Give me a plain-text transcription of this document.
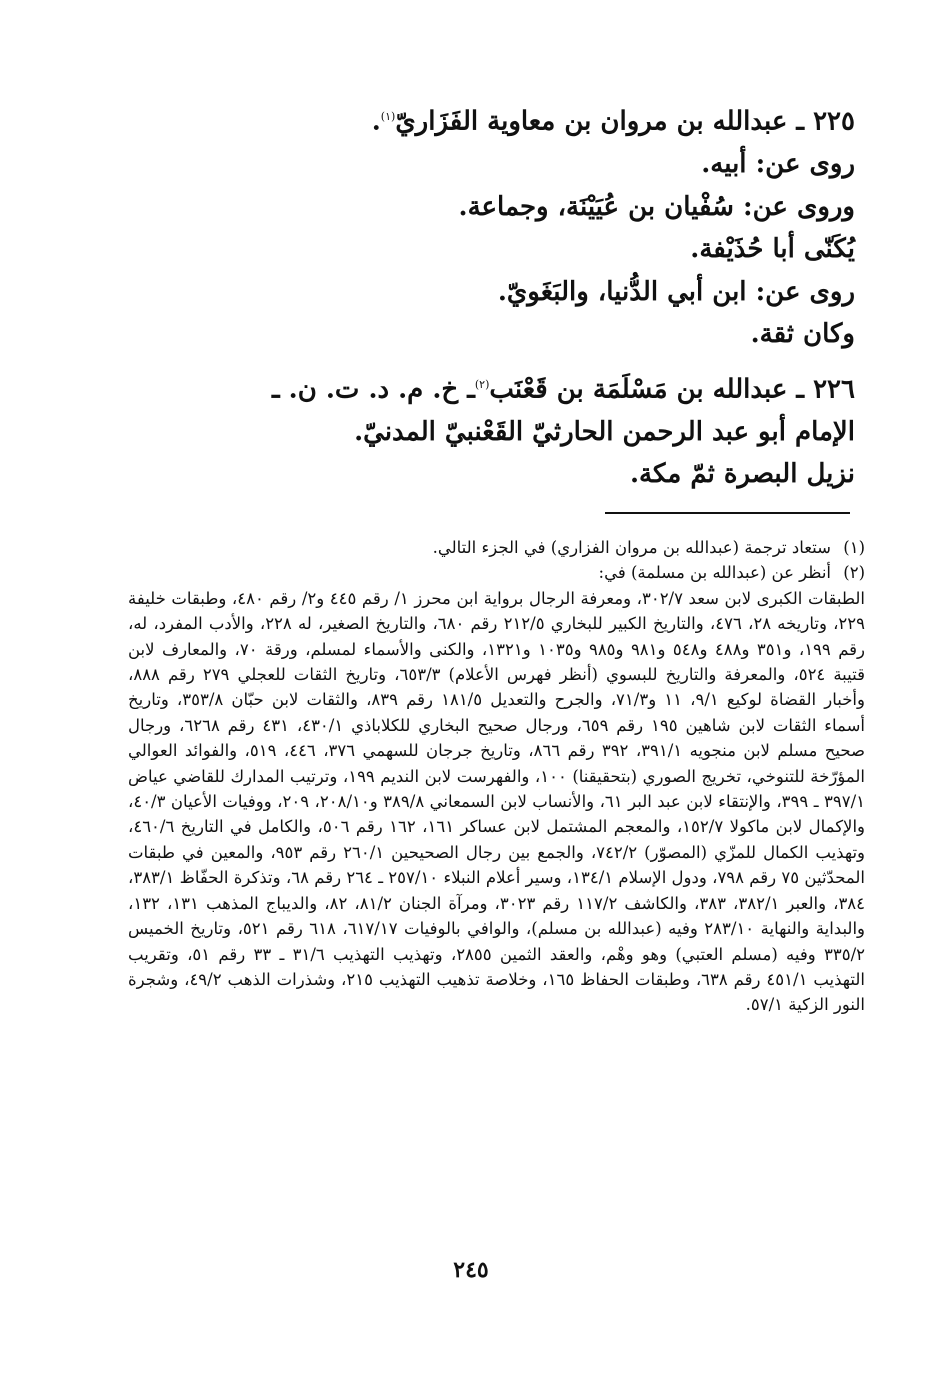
٢٢٥ ـ عبدالله بن مروان بن معاوية الفَزَاريّ$^{(١)}$.

روى عن: أبيه.

وروى عن: سُفْيان بن عُيَيْنَة، وجماعة.

يُكَنّى أبا حُذَيْفة.

روى عن: ابن أبي الدُّنيا، والبَغَويّ.

وكان ثقة.

٢٢٦ ـ عبدالله بن مَسْلَمَة بن قَعْنَب$^{(٢)}$ـ خ. م. د. ت. ن. ـ

الإمام أبو عبد الرحمن الحارثيّ القَعْنبيّ المدنيّ.

نزيل البصرة ثمّ مكة.

(١)ستعاد ترجمة (عبدالله بن مروان الفزاري) في الجزء التالي.

(٢)أنظر عن (عبدالله بن مسلمة) في:

الطبقات الكبرى لابن سعد ٣٠٢/٧، ومعرفة الرجال برواية ابن محرز ١/ رقم ٤٤٥ و٢/ رقم ٤٨٠، وطبقات خليفة ٢٢٩، وتاريخه ٢٨، ٤٧٦، والتاريخ الكبير للبخاري ٢١٢/٥ رقم ٦٨٠، والتاريخ الصغير، له ٢٢٨، والأدب المفرد، له، رقم ١٩٩، و٣٥١ و٤٨٨ و٥٤٨ و٩٨١ و٩٨٥ و١٠٣٥ و١٣٢١، والكنى والأسماء لمسلم، ورقة ٧٠، والمعارف لابن قتيبة ٥٢٤، والمعرفة والتاريخ للبسوي (أنظر فهرس الأعلام) ٦٥٣/٣، وتاريخ الثقات للعجلي ٢٧٩ رقم ٨٨٨، وأخبار القضاة لوكيع ٩/١، ١١ و٧١/٣، والجرح والتعديل ١٨١/٥ رقم ٨٣٩، والثقات لابن حبّان ٣٥٣/٨، وتاريخ أسماء الثقات لابن شاهين ١٩٥ رقم ٦٥٩، ورجال صحيح البخاري للكلاباذي ٤٣٠/١، ٤٣١ رقم ٦٢٦٨، ورجال صحيح مسلم لابن منجويه ٣٩١/١، ٣٩٢ رقم ٨٦٦، وتاريخ جرجان للسهمي ٣٧٦، ٤٤٦، ٥١٩، والفوائد العوالي المؤرّخة للتنوخي، تخريج الصوري (بتحقيقنا) ١٠٠، والفهرست لابن النديم ١٩٩، وترتيب المدارك للقاضي عياض ٣٩٧/١ ـ ٣٩٩، والإنتقاء لابن عبد البر ٦١، والأنساب لابن السمعاني ٣٨٩/٨ و٢٠٨/١٠، ٢٠٩، ووفيات الأعيان ٤٠/٣، والإكمال لابن ماكولا ١٥٢/٧، والمعجم المشتمل لابن عساكر ١٦١، ١٦٢ رقم ٥٠٦، والكامل في التاريخ ٤٦٠/٦، وتهذيب الكمال للمزّي (المصوّر) ٧٤٢/٢، والجمع بين رجال الصحيحين ٢٦٠/١ رقم ٩٥٣، والمعين في طبقات المحدّثين ٧٥ رقم ٧٩٨، ودول الإسلام ١٣٤/١، وسير أعلام النبلاء ٢٥٧/١٠ ـ ٢٦٤ رقم ٦٨، وتذكرة الحفّاظ ٣٨٣/١، ٣٨٤، والعبر ٣٨٢/١، ٣٨٣، والكاشف ١١٧/٢ رقم ٣٠٢٣، ومرآة الجنان ٨١/٢، ٨٢، والديباج المذهب ١٣١، ١٣٢، والبداية والنهاية ٢٨٣/١٠ وفيه (عبدالله بن مسلم)، والوافي بالوفيات ٦١٧/١٧، ٦١٨ رقم ٥٢١، وتاريخ الخميس ٣٣٥/٢ وفيه (مسلم العتبي) وهو وهْم، والعقد الثمين ٢٨٥٥، وتهذيب التهذيب ٣١/٦ ـ ٣٣ رقم ٥١، وتقريب التهذيب ٤٥١/١ رقم ٦٣٨، وطبقات الحفاظ ١٦٥، وخلاصة تذهيب التهذيب ٢١٥، وشذرات الذهب ٤٩/٢، وشجرة النور الزكية ٥٧/١.

٢٤٥
